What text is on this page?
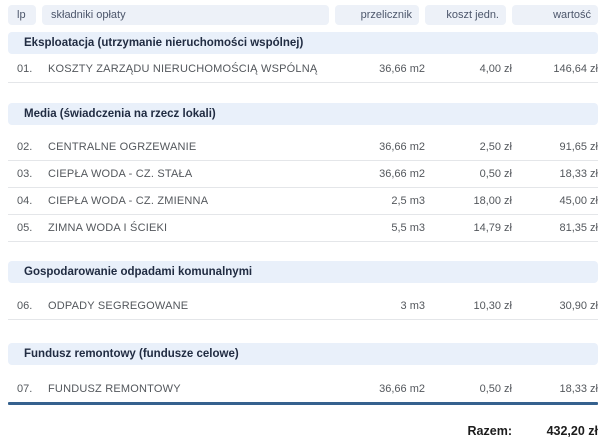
lp	składniki opłaty	przelicznik	koszt jedn.	wartość
Eksploatacja (utrzymanie nieruchomości wspólnej)
01.	KOSZTY ZARZĄDU NIERUCHOMOŚCIĄ WSPÓLNĄ	36,66 m2	4,00 zł	146,64 zł
Media (świadczenia na rzecz lokali)
02.	CENTRALNE OGRZEWANIE	36,66 m2	2,50 zł	91,65 zł
03.	CIEPŁA WODA - CZ. STAŁA	36,66 m2	0,50 zł	18,33 zł
04.	CIEPŁA WODA - CZ. ZMIENNA	2,5 m3	18,00 zł	45,00 zł
05.	ZIMNA WODA I ŚCIEKI	5,5 m3	14,79 zł	81,35 zł
Gospodarowanie odpadami komunalnymi
06.	ODPADY SEGREGOWANE	3 m3	10,30 zł	30,90 zł
Fundusz remontowy (fundusze celowe)
07.	FUNDUSZ REMONTOWY	36,66 m2	0,50 zł	18,33 zł
Razem:	432,20 zł
